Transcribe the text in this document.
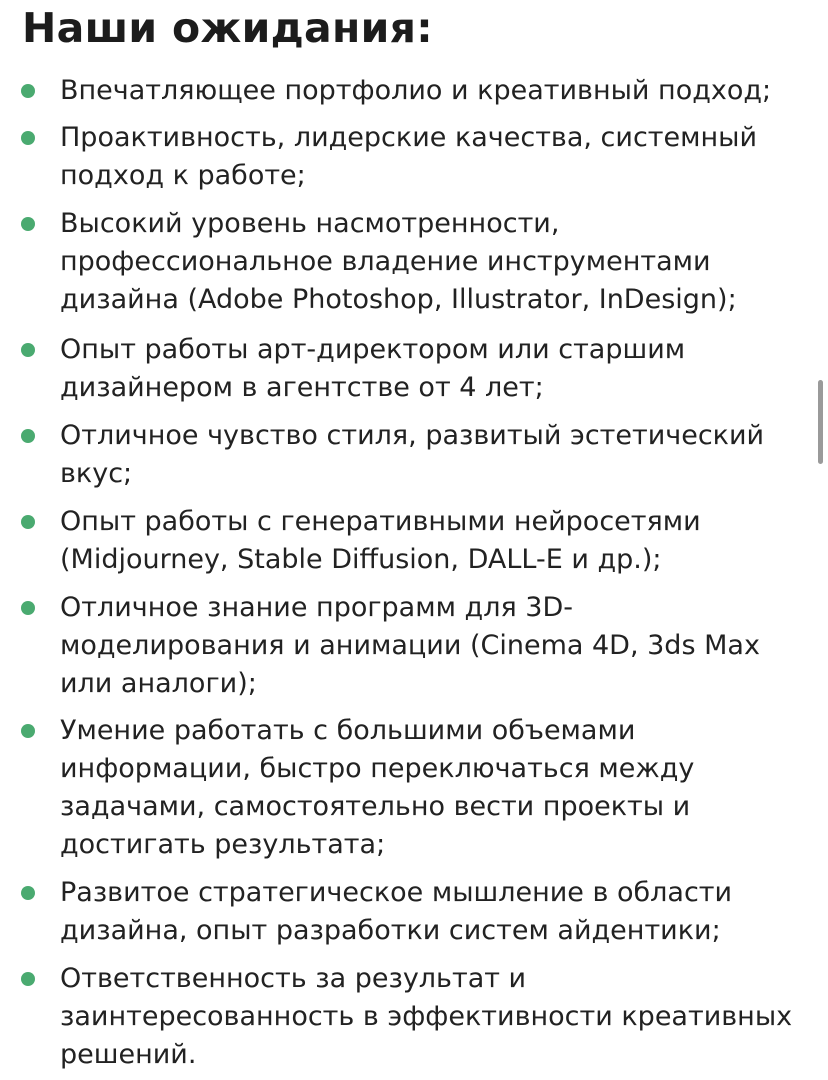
Наши ожидания:
Впечатляющее портфолио и креативный подход;
Проактивность, лидерские качества, системный
подход к работе;
Высокий уровень насмотренности,
профессиональное владение инструментами
дизайна (Adobe Photoshop, Illustrator, InDesign);
Опыт работы арт-директором или старшим
дизайнером в агентстве от 4 лет;
Отличное чувство стиля, развитый эстетический
вкус;
Опыт работы с генеративными нейросетями
(Midjourney, Stable Diffusion, DALL-E и др.);
Отличное знание программ для 3D-
моделирования и анимации (Cinema 4D, 3ds Max
или аналоги);
Умение работать с большими объемами
информации, быстро переключаться между
задачами, самостоятельно вести проекты и
достигать результата;
Развитое стратегическое мышление в области
дизайна, опыт разработки систем айдентики;
Ответственность за результат и
заинтересованность в эффективности креативных
решений.
